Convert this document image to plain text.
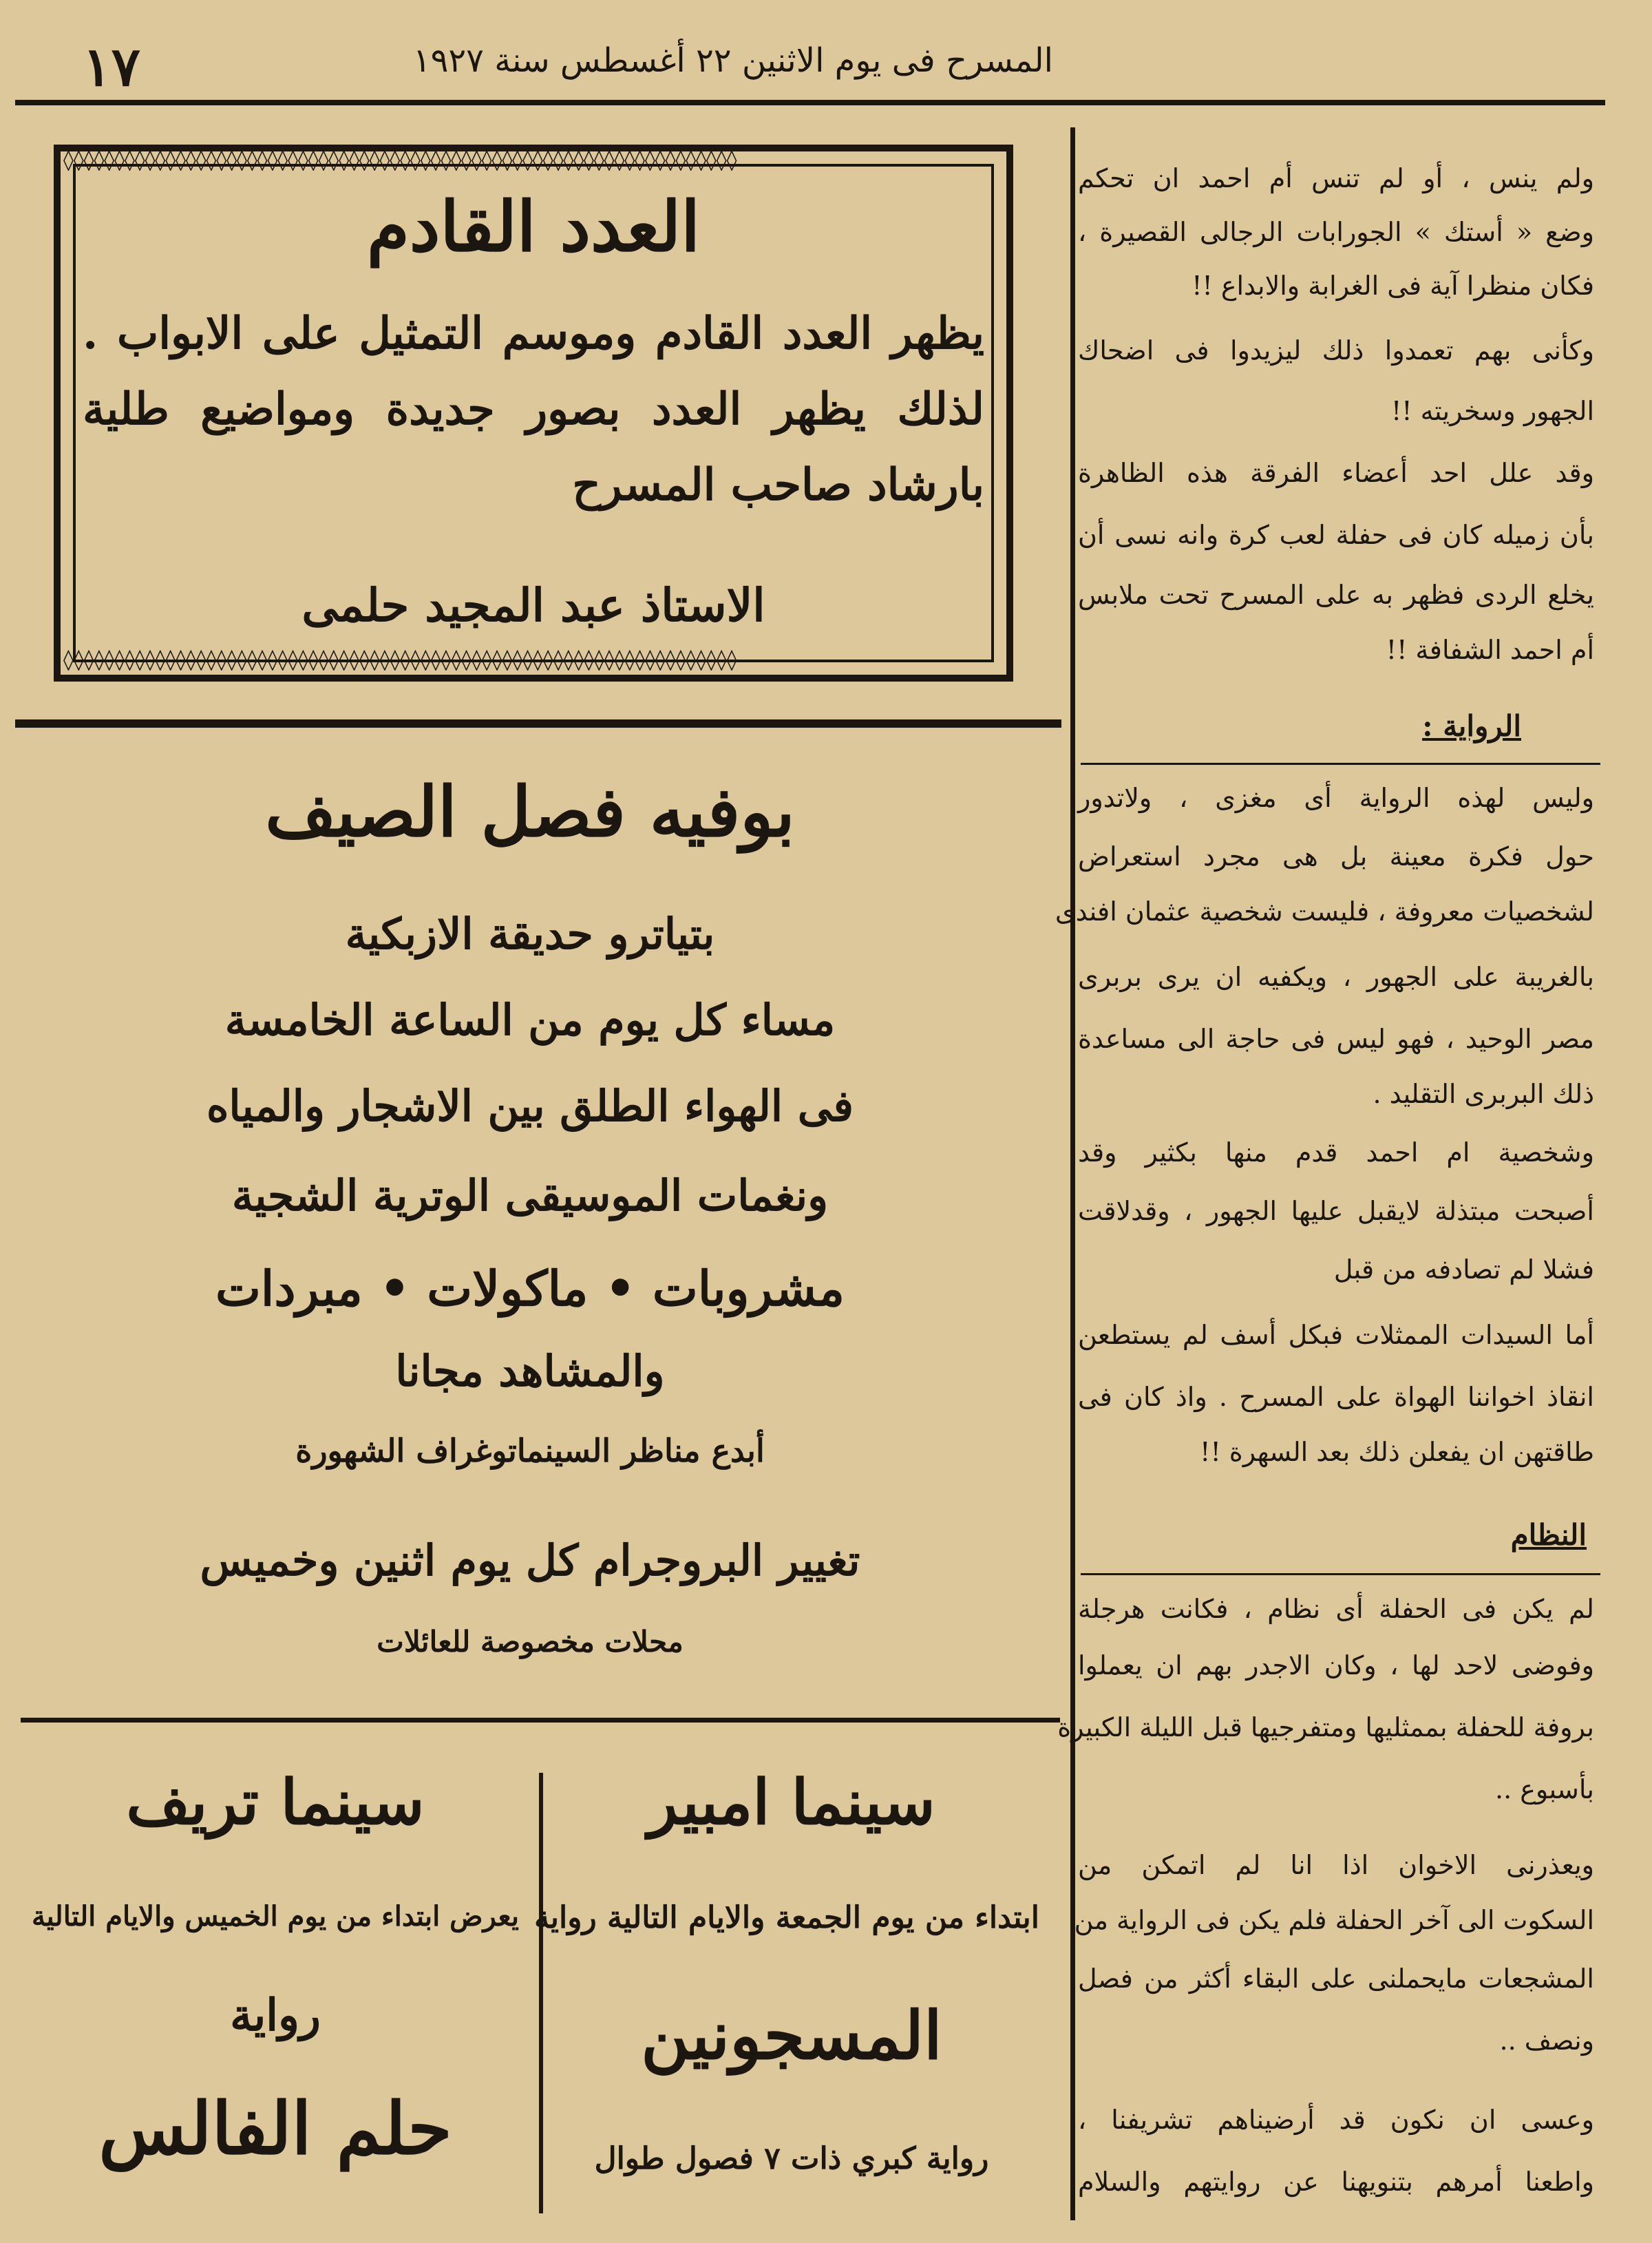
١٧	المسرح فى يوم الاثنين ٢٢ أغسطس سنة ١٩٢٧
◊◊◊◊◊◊◊◊◊◊◊◊◊◊◊◊◊◊◊◊◊◊◊◊◊◊◊◊◊◊◊◊◊◊◊◊◊◊◊◊◊◊◊◊◊◊◊◊◊◊◊◊◊◊◊◊◊◊◊◊◊◊◊◊◊◊
◊◊◊◊◊◊◊◊◊◊◊◊◊◊◊◊◊◊◊◊◊◊◊◊◊◊◊◊◊◊◊◊◊◊◊◊◊◊◊◊◊◊◊◊◊◊◊◊◊◊◊◊◊◊◊◊◊◊◊◊◊◊◊◊◊◊
العدد القادم
يظهر العدد القادم وموسم التمثيل على الابواب . لذلك يظهر العدد بصور جديدة ومواضيع طلية بارشاد صاحب المسرح
الاستاذ عبد المجيد حلمى
بوفيه فصل الصيف
بتياترو حديقة الازبكية
مساء كل يوم من الساعة الخامسة
فى الهواء الطلق بين الاشجار والمياه
ونغمات الموسيقى الوترية الشجية
مشروبات • ماكولات • مبردات
والمشاهد مجانا
أبدع مناظر السينماتوغراف الشهورة
تغيير البروجرام كل يوم اثنين وخميس
محلات مخصوصة للعائلات
سينما امبير
ابتداء من يوم الجمعة والايام التالية رواية
المسجونين
رواية كبري ذات ٧ فصول طوال
سينما تريف
يعرض ابتداء من يوم الخميس والايام التالية
رواية
حلم الفالس
ولم ينس ، أو لم تنس أم احمد ان تحكم
وضع « أستك » الجورابات الرجالى القصيرة ،
فكان منظرا آية فى الغرابة والابداع !!
وكأنى بهم تعمدوا ذلك ليزيدوا فى اضحاك
الجهور وسخريته !!
وقد علل احد أعضاء الفرقة هذه الظاهرة
بأن زميله كان فى حفلة لعب كرة وانه نسى أن
يخلع الردى فظهر به على المسرح تحت ملابس
أم احمد الشفافة !!
الرواية :
وليس لهذه الرواية أى مغزى ، ولاتدور
حول فكرة معينة بل هى مجرد استعراض
لشخصيات معروفة ، فليست شخصية عثمان افندى
بالغريبة على الجهور ، ويكفيه ان يرى بربرى
مصر الوحيد ، فهو ليس فى حاجة الى مساعدة
ذلك البربرى التقليد .
وشخصية ام احمد قدم منها بكثير وقد
أصبحت مبتذلة لايقبل عليها الجهور ، وقدلاقت
فشلا لم تصادفه من قبل
أما السيدات الممثلات فبكل أسف لم يستطعن
انقاذ اخواننا الهواة على المسرح . واذ كان فى
طاقتهن ان يفعلن ذلك بعد السهرة !!
النظام
لم يكن فى الحفلة أى نظام ، فكانت هرجلة
وفوضى لاحد لها ، وكان الاجدر بهم ان يعملوا
بروفة للحفلة بممثليها ومتفرجيها قبل الليلة الكبيرة
بأسبوع ..
ويعذرنى الاخوان اذا انا لم اتمكن من
السكوت الى آخر الحفلة فلم يكن فى الرواية من
المشجعات مايحملنى على البقاء أكثر من فصل
ونصف ..
وعسى ان نكون قد أرضيناهم تشريفنا ،
واطعنا أمرهم بتنويهنا عن روايتهم والسلام
